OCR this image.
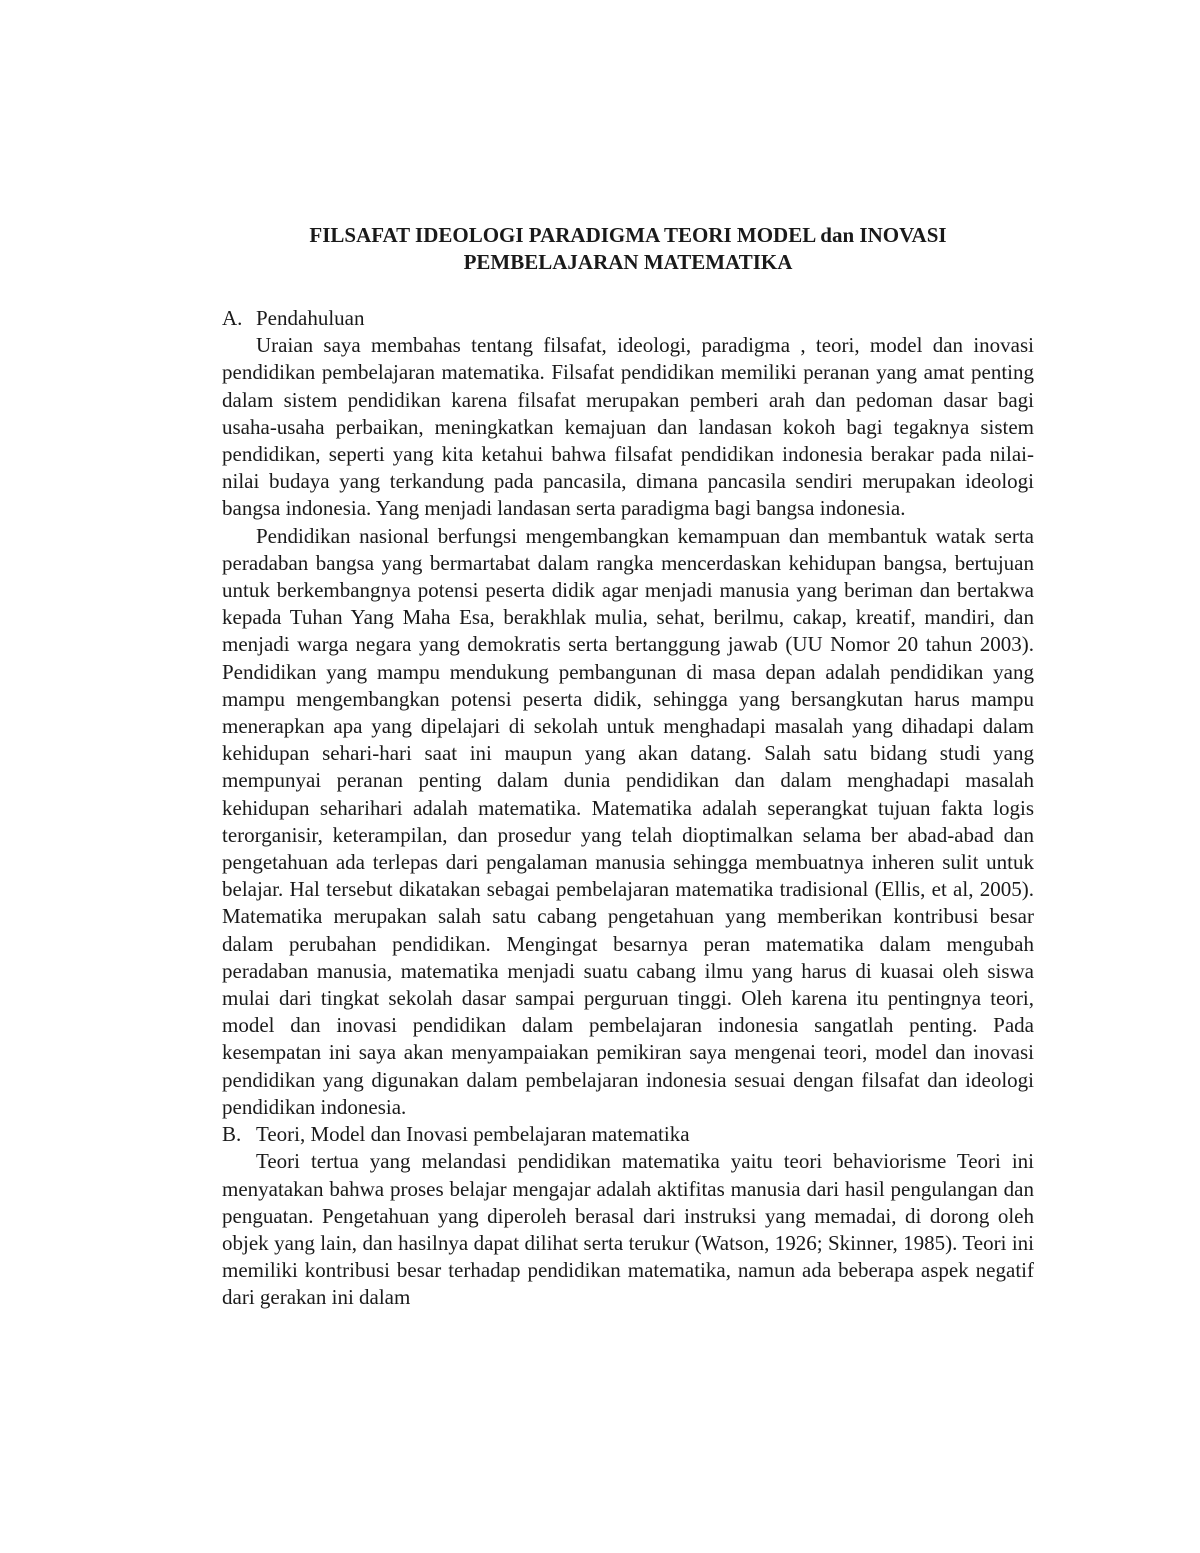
FILSAFAT IDEOLOGI PARADIGMA TEORI MODEL dan INOVASI
PEMBELAJARAN MATEMATIKA

A. Pendahuluan

Uraian saya membahas tentang filsafat, ideologi, paradigma , teori, model dan inovasi pendidikan pembelajaran matematika. Filsafat pendidikan memiliki peranan yang amat penting dalam sistem pendidikan karena filsafat merupakan pemberi arah dan pedoman dasar bagi usaha-usaha perbaikan, meningkatkan kemajuan dan landasan kokoh bagi tegaknya sistem pendidikan, seperti yang kita ketahui bahwa filsafat pendidikan indonesia berakar pada nilai-nilai budaya yang terkandung pada pancasila, dimana pancasila sendiri merupakan ideologi bangsa indonesia. Yang menjadi landasan serta paradigma bagi bangsa indonesia.

Pendidikan nasional berfungsi mengembangkan kemampuan dan membantuk watak serta peradaban bangsa yang bermartabat dalam rangka mencerdaskan kehidupan bangsa, bertujuan untuk berkembangnya potensi peserta didik agar menjadi manusia yang beriman dan bertakwa kepada Tuhan Yang Maha Esa, berakhlak mulia, sehat, berilmu, cakap, kreatif, mandiri, dan menjadi warga negara yang demokratis serta bertanggung jawab (UU Nomor 20 tahun 2003). Pendidikan yang mampu mendukung pembangunan di masa depan adalah pendidikan yang mampu mengembangkan potensi peserta didik, sehingga yang bersangkutan harus mampu menerapkan apa yang dipelajari di sekolah untuk menghadapi masalah yang dihadapi dalam kehidupan sehari-hari saat ini maupun yang akan datang. Salah satu bidang studi yang mempunyai peranan penting dalam dunia pendidikan dan dalam menghadapi masalah kehidupan seharihari adalah matematika. Matematika adalah seperangkat tujuan fakta logis terorganisir, keterampilan, dan prosedur yang telah dioptimalkan selama ber abad-abad dan pengetahuan ada terlepas dari pengalaman manusia sehingga membuatnya inheren sulit untuk belajar. Hal tersebut dikatakan sebagai pembelajaran matematika tradisional (Ellis, et al, 2005). Matematika merupakan salah satu cabang pengetahuan yang memberikan kontribusi besar dalam perubahan pendidikan. Mengingat besarnya peran matematika dalam mengubah peradaban manusia, matematika menjadi suatu cabang ilmu yang harus di kuasai oleh siswa mulai dari tingkat sekolah dasar sampai perguruan tinggi. Oleh karena itu pentingnya teori, model dan inovasi pendidikan dalam pembelajaran indonesia sangatlah penting. Pada kesempatan ini saya akan menyampaiakan pemikiran saya mengenai teori, model dan inovasi pendidikan yang digunakan dalam pembelajaran indonesia sesuai dengan filsafat dan ideologi pendidikan indonesia.

B. Teori, Model dan Inovasi pembelajaran matematika

Teori tertua yang melandasi pendidikan matematika yaitu teori behaviorisme Teori ini menyatakan bahwa proses belajar mengajar adalah aktifitas manusia dari hasil pengulangan dan penguatan. Pengetahuan yang diperoleh berasal dari instruksi yang memadai, di dorong oleh objek yang lain, dan hasilnya dapat dilihat serta terukur (Watson, 1926; Skinner, 1985). Teori ini memiliki kontribusi besar terhadap pendidikan matematika, namun ada beberapa aspek negatif dari gerakan ini dalam
